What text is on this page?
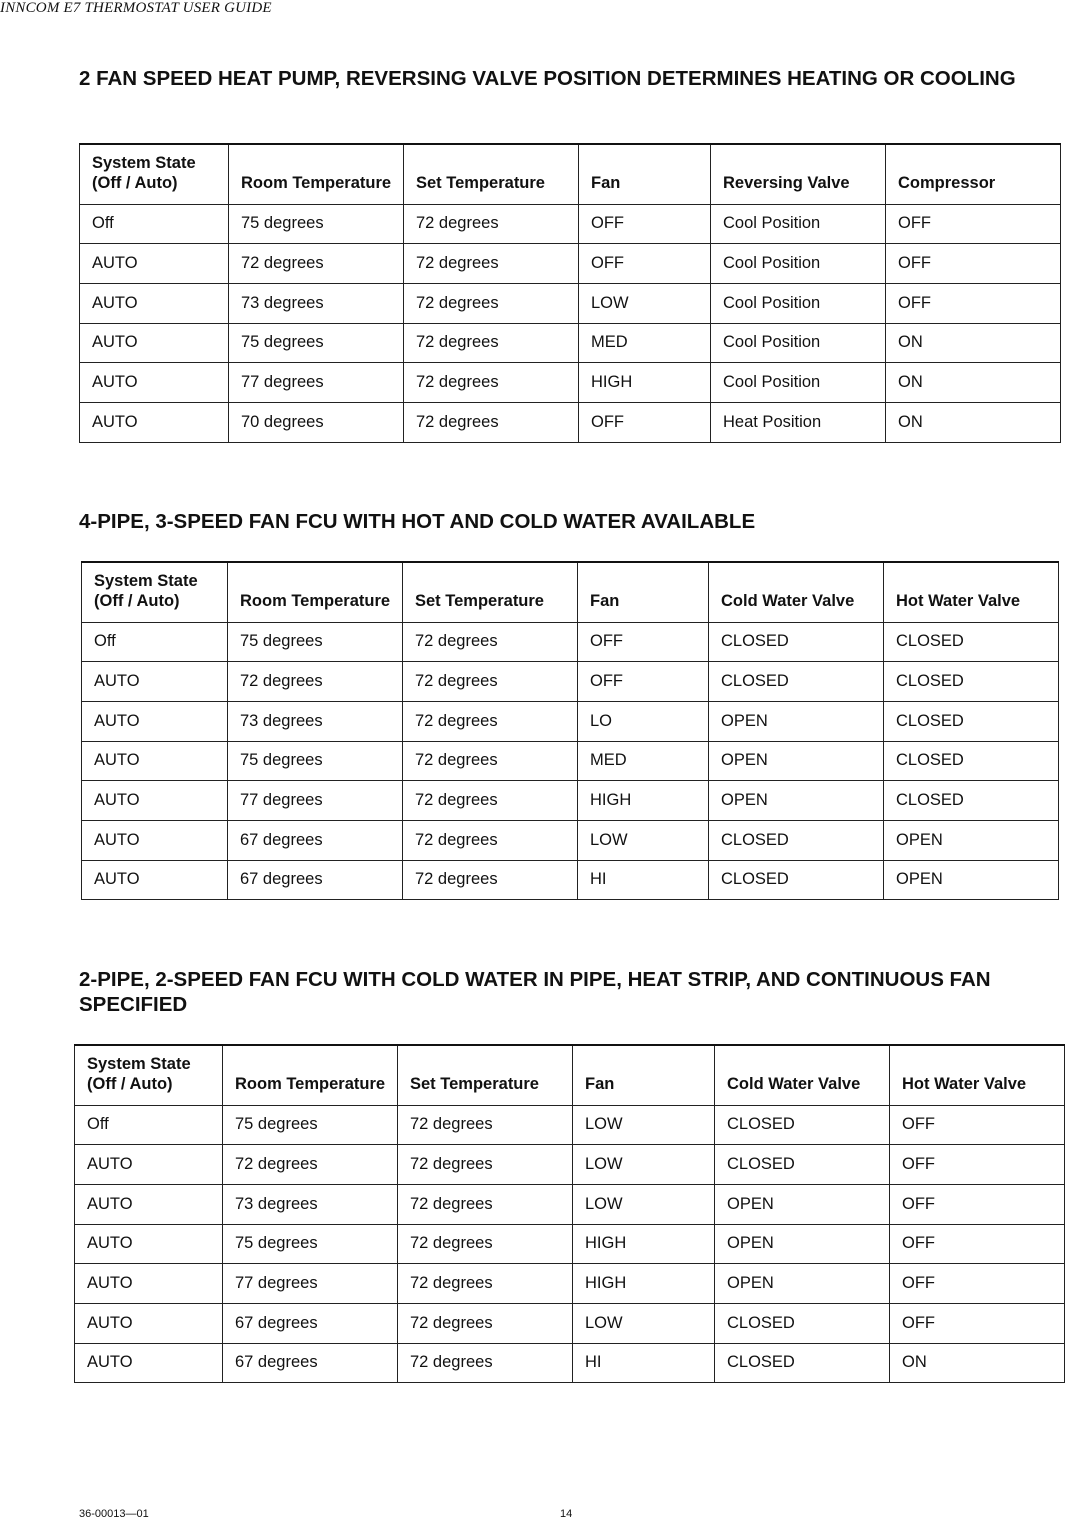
INNCOM E7 THERMOSTAT USER GUIDE
2 FAN SPEED HEAT PUMP, REVERSING VALVE POSITION DETERMINES HEATING OR COOLING
System State (Off / Auto)	Room Temperature	Set Temperature	Fan	Reversing Valve	Compressor
Off	75 degrees	72 degrees	OFF	Cool Position	OFF
AUTO	72 degrees	72 degrees	OFF	Cool Position	OFF
AUTO	73 degrees	72 degrees	LOW	Cool Position	OFF
AUTO	75 degrees	72 degrees	MED	Cool Position	ON
AUTO	77 degrees	72 degrees	HIGH	Cool Position	ON
AUTO	70 degrees	72 degrees	OFF	Heat Position	ON
4-PIPE, 3-SPEED FAN FCU WITH HOT AND COLD WATER AVAILABLE
System State (Off / Auto)	Room Temperature	Set Temperature	Fan	Cold Water Valve	Hot Water Valve
Off	75 degrees	72 degrees	OFF	CLOSED	CLOSED
AUTO	72 degrees	72 degrees	OFF	CLOSED	CLOSED
AUTO	73 degrees	72 degrees	LO	OPEN	CLOSED
AUTO	75 degrees	72 degrees	MED	OPEN	CLOSED
AUTO	77 degrees	72 degrees	HIGH	OPEN	CLOSED
AUTO	67 degrees	72 degrees	LOW	CLOSED	OPEN
AUTO	67 degrees	72 degrees	HI	CLOSED	OPEN
2-PIPE, 2-SPEED FAN FCU WITH COLD WATER IN PIPE, HEAT STRIP, AND CONTINUOUS FAN SPECIFIED
System State (Off / Auto)	Room Temperature	Set Temperature	Fan	Cold Water Valve	Hot Water Valve
Off	75 degrees	72 degrees	LOW	CLOSED	OFF
AUTO	72 degrees	72 degrees	LOW	CLOSED	OFF
AUTO	73 degrees	72 degrees	LOW	OPEN	OFF
AUTO	75 degrees	72 degrees	HIGH	OPEN	OFF
AUTO	77 degrees	72 degrees	HIGH	OPEN	OFF
AUTO	67 degrees	72 degrees	LOW	CLOSED	OFF
AUTO	67 degrees	72 degrees	HI	CLOSED	ON
36-00013—01	14
